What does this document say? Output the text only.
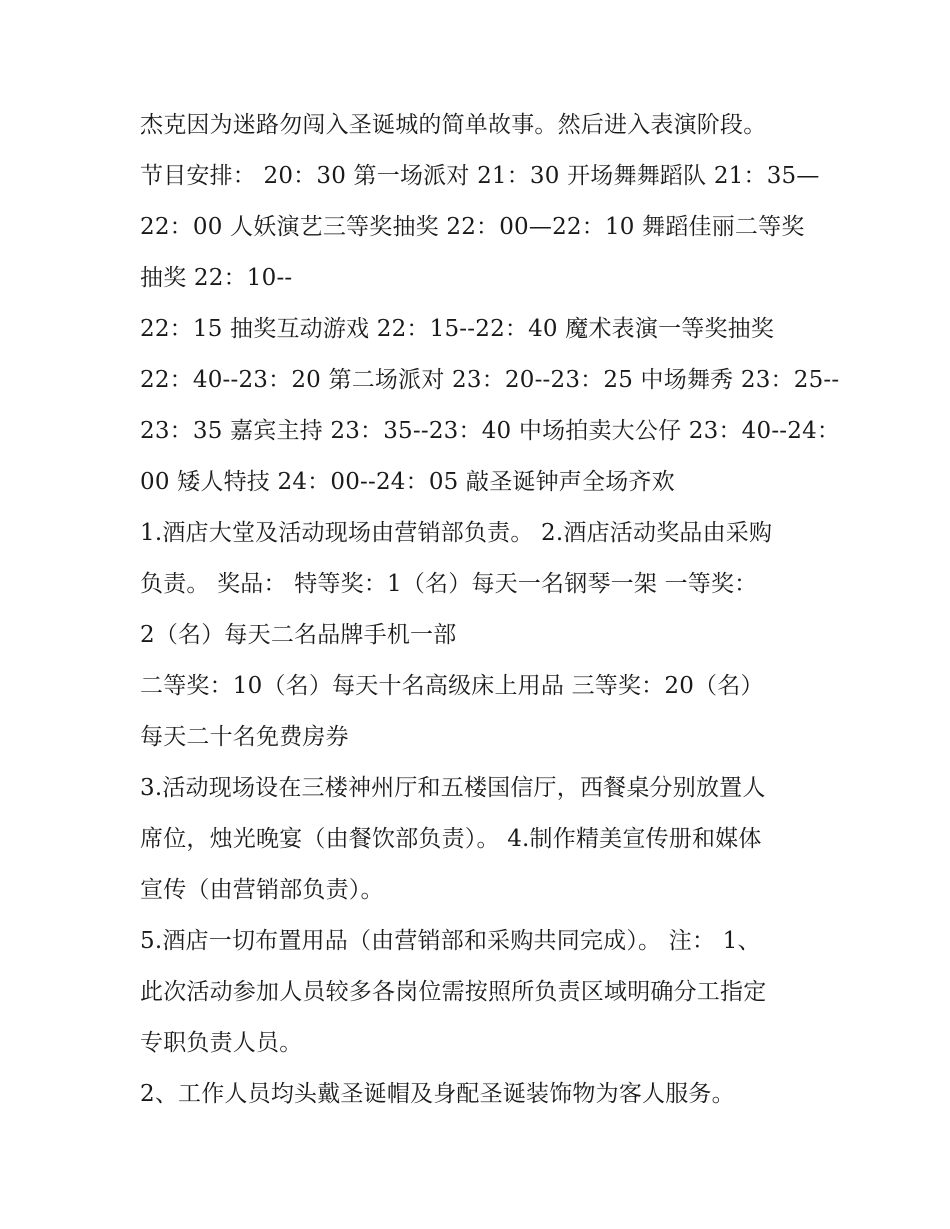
杰克因为迷路勿闯入圣诞城的简单故事。然后进入表演阶段。
节目安排： 20：30 第一场派对 21：30 开场舞舞蹈队 21：35—
22：00 人妖演艺三等奖抽奖 22：00—22：10 舞蹈佳丽二等奖
抽奖 22：10--
22：15 抽奖互动游戏 22：15--22：40 魔术表演一等奖抽奖
22：40--23：20 第二场派对 23：20--23：25 中场舞秀 23：25--
23：35 嘉宾主持 23：35--23：40 中场拍卖大公仔 23：40--24：
00 矮人特技 24：00--24：05 敲圣诞钟声全场齐欢
1.酒店大堂及活动现场由营销部负责。 2.酒店活动奖品由采购
负责。 奖品： 特等奖：1（名）每天一名钢琴一架 一等奖：
2（名）每天二名品牌手机一部
二等奖：10（名）每天十名高级床上用品 三等奖：20（名）
每天二十名免费房券
3.活动现场设在三楼神州厅和五楼国信厅，西餐桌分别放置人
席位，烛光晚宴（由餐饮部负责）。 4.制作精美宣传册和媒体
宣传（由营销部负责）。
5.酒店一切布置用品（由营销部和采购共同完成）。 注： 1、
此次活动参加人员较多各岗位需按照所负责区域明确分工指定
专职负责人员。
2、工作人员均头戴圣诞帽及身配圣诞装饰物为客人服务。
